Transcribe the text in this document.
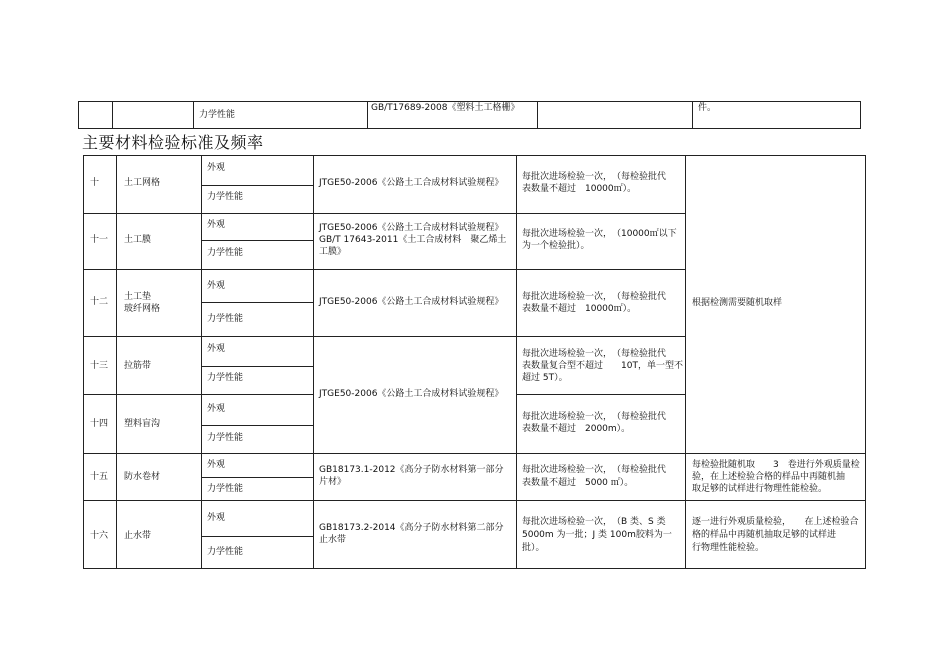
力学性能
GB/T17689-2008《塑料土工格栅》	件。
主要材料检验标准及频率
十	土工网格
外观
力学性能
JTGE50-2006《公路土工合成材料试验规程》
每批次进场检验一次，　（每检验批代
表数量不超过　10000㎡）。
十一 土工膜
外观
力学性能
JTGE50-2006《公路土工合成材料试验规程》
GB/T 17643-2011《土工合成材料　聚乙烯土
工膜》
每批次进场检验一次，　（10000㎡以下
为一个检验批）。
十二 土工垫
玻纤网格
外观
力学性能
JTGE50-2006《公路土工合成材料试验规程》 每批次进场检验一次，　（每检验批代
表数量不超过　10000㎡）。
十三 拉筋带
外观
力学性能
每批次进场检验一次，　（每检验批代
表数量复合型不超过　　10T，单一型不
超过 5T）。
JTGE50-2006《公路土工合成材料试验规程》
十四 塑料盲沟
外观
力学性能
每批次进场检验一次，　（每检验批代
表数量不超过　2000m）。
根据检测需要随机取样
十五 防水卷材
外观
力学性能
GB18173.1-2012《高分子防水材料第一部分
片材》
每批次进场检验一次，　（每检验批代
表数量不超过　5000 ㎡）。
每检验批随机取　　3　卷进行外观质量检
验，在上述检验合格的样品中再随机抽
取足够的试样进行物理性能检验。
十六 止水带
外观
力学性能
GB18173.2-2014《高分子防水材料第二部分
止水带
每批次进场检验一次，　（B 类、S 类
5000m 为一批；J 类 100m胶料为一
批）。
逐一进行外观质量检验，　　在上述检验合
格的样品中再随机抽取足够的试样进
行物理性能检验。
